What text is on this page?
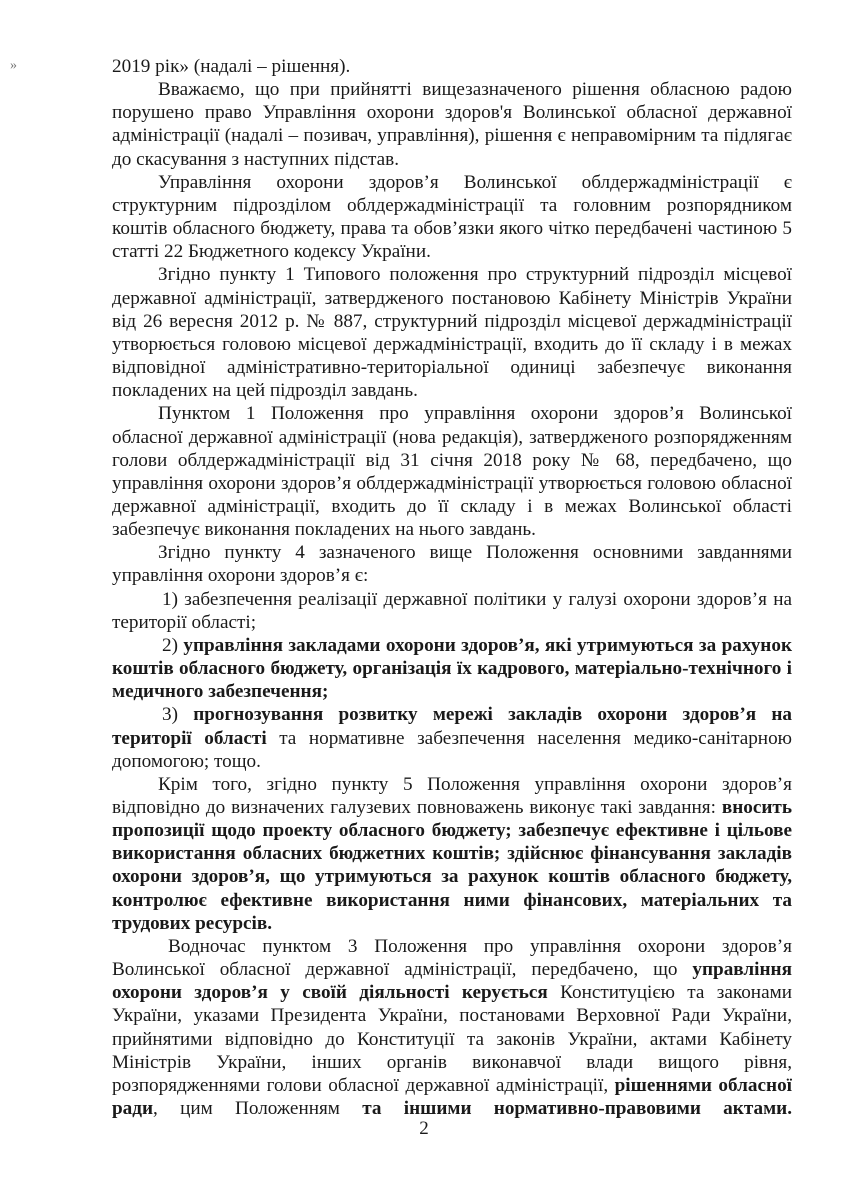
»	2019 рік» (надалі – рішення).

Вважаємо, що при прийнятті вищезазначеного рішення обласною радою порушено право Управління охорони здоров'я Волинської обласної державної адміністрації (надалі – позивач, управління), рішення є неправомірним та підлягає до скасування з наступних підстав.

Управління охорони здоров’я Волинської облдержадміністрації є структурним підрозділом облдержадміністрації та головним розпорядником коштів обласного бюджету, права та обов’язки якого чітко передбачені частиною 5 статті 22 Бюджетного кодексу України.

Згідно пункту 1 Типового положення про структурний підрозділ місцевої державної адміністрації, затвердженого постановою Кабінету Міністрів України від 26 вересня 2012 р. № 887, структурний підрозділ місцевої держадміністрації утворюється головою місцевої держадміністрації, входить до її складу і в межах відповідної адміністративно-територіальної одиниці забезпечує виконання покладених на цей підрозділ завдань.

Пунктом 1 Положення про управління охорони здоров’я Волинської обласної державної адміністрації (нова редакція), затвердженого розпорядженням голови облдержадміністрації від 31 січня 2018 року № 68, передбачено, що управління охорони здоров’я облдержадміністрації утворюється головою обласної державної адміністрації, входить до її складу і в межах Волинської області забезпечує виконання покладених на нього завдань.

Згідно пункту 4 зазначеного вище Положення основними завданнями управління охорони здоров’я є:

1) забезпечення реалізації державної політики у галузі охорони здоров’я на території області;

2) управління закладами охорони здоров’я, які утримуються за рахунок коштів обласного бюджету, організація їх кадрового, матеріально-технічного і медичного забезпечення;

3) прогнозування розвитку мережі закладів охорони здоров’я на території області та нормативне забезпечення населення медико-санітарною допомогою; тощо.

Крім того, згідно пункту 5 Положення управління охорони здоров’я відповідно до визначених галузевих повноважень виконує такі завдання: вносить пропозиції щодо проекту обласного бюджету; забезпечує ефективне і цільове використання обласних бюджетних коштів; здійснює фінансування закладів охорони здоров’я, що утримуються за рахунок коштів обласного бюджету, контролює ефективне використання ними фінансових, матеріальних та трудових ресурсів.

Водночас пунктом 3 Положення про управління охорони здоров’я Волинської обласної державної адміністрації, передбачено, що управління охорони здоров’я у своїй діяльності керується Конституцією та законами України, указами Президента України, постановами Верховної Ради України, прийнятими відповідно до Конституції та законів України, актами Кабінету Міністрів України, інших органів виконавчої влади вищого рівня, розпорядженнями голови обласної державної адміністрації, рішеннями обласної ради, цим Положенням та іншими нормативно-правовими актами.

2
